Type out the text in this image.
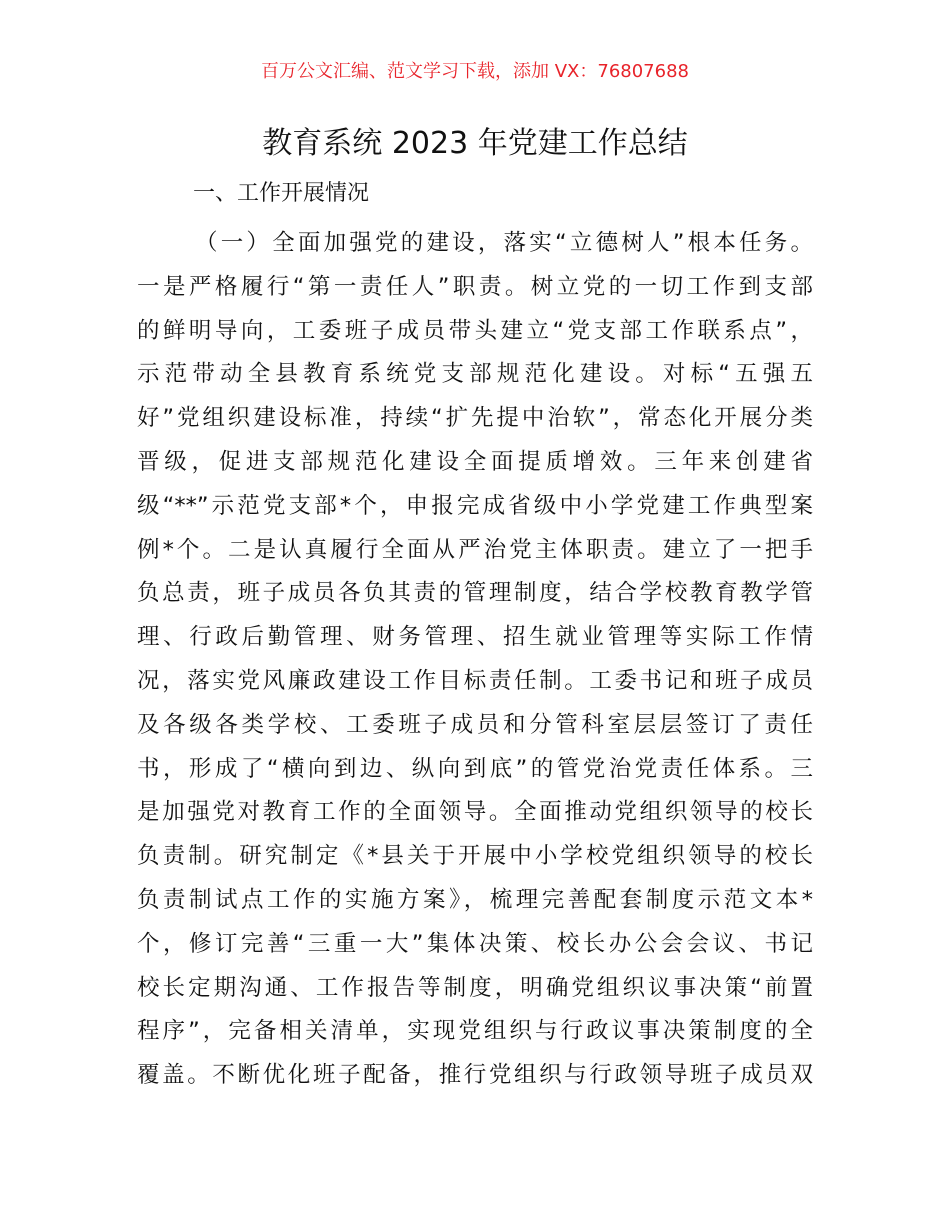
百万公文汇编、范文学习下载，添加 VX：76807688
教育系统 2023 年党建工作总结
一、工作开展情况
（一）全面加强党的建设，落实“立德树人”根本任务。
一是严格履行“第一责任人”职责。树立党的一切工作到支部
的鲜明导向，工委班子成员带头建立“党支部工作联系点”，
示范带动全县教育系统党支部规范化建设。对标“五强五
好”党组织建设标准，持续“扩先提中治软”，常态化开展分类
晋级，促进支部规范化建设全面提质增效。三年来创建省
级“**”示范党支部*个，申报完成省级中小学党建工作典型案
例*个。二是认真履行全面从严治党主体职责。建立了一把手
负总责，班子成员各负其责的管理制度，结合学校教育教学管
理、行政后勤管理、财务管理、招生就业管理等实际工作情
况，落实党风廉政建设工作目标责任制。工委书记和班子成员
及各级各类学校、工委班子成员和分管科室层层签订了责任
书，形成了“横向到边、纵向到底”的管党治党责任体系。三
是加强党对教育工作的全面领导。全面推动党组织领导的校长
负责制。研究制定《*县关于开展中小学校党组织领导的校长
负责制试点工作的实施方案》，梳理完善配套制度示范文本*
个，修订完善“三重一大”集体决策、校长办公会会议、书记
校长定期沟通、工作报告等制度，明确党组织议事决策“前置
程序”，完备相关清单，实现党组织与行政议事决策制度的全
覆盖。不断优化班子配备，推行党组织与行政领导班子成员双
